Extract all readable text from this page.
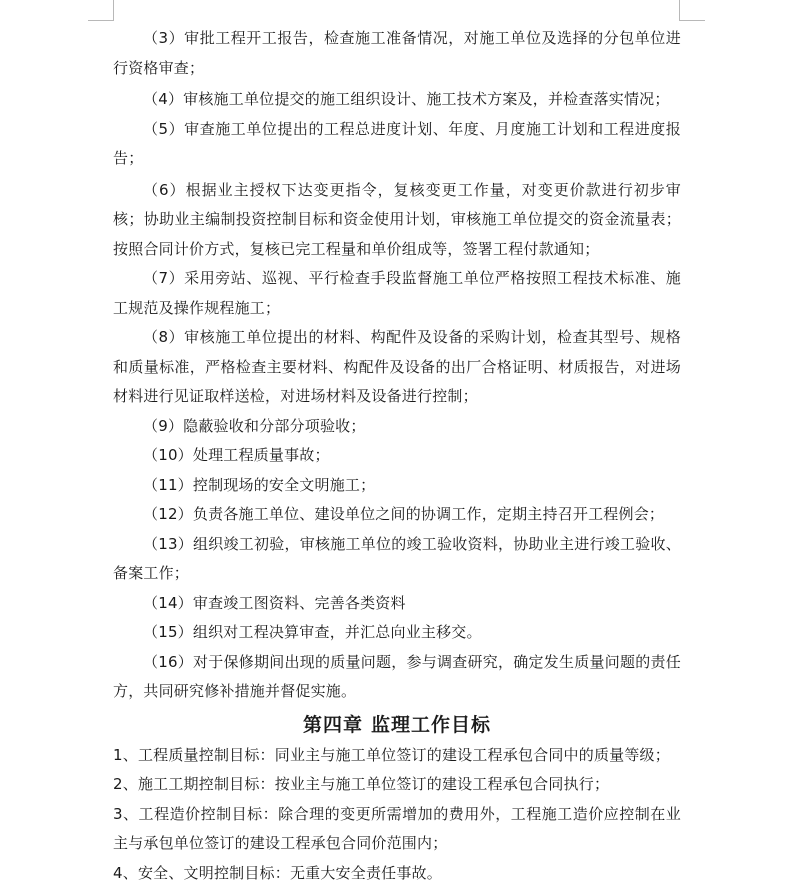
（3）审批工程开工报告，检查施工准备情况，对施工单位及选择的分包单位进行资格审查；

（4）审核施工单位提交的施工组织设计、施工技术方案及，并检查落实情况；

（5）审查施工单位提出的工程总进度计划、年度、月度施工计划和工程进度报告；

（6）根据业主授权下达变更指令，复核变更工作量，对变更价款进行初步审核；协助业主编制投资控制目标和资金使用计划，审核施工单位提交的资金流量表；按照合同计价方式，复核已完工程量和单价组成等，签署工程付款通知；

（7）采用旁站、巡视、平行检查手段监督施工单位严格按照工程技术标准、施工规范及操作规程施工；

（8）审核施工单位提出的材料、构配件及设备的采购计划，检查其型号、规格和质量标准，严格检查主要材料、构配件及设备的出厂合格证明、材质报告，对进场材料进行见证取样送检，对进场材料及设备进行控制；

（9）隐蔽验收和分部分项验收；

（10）处理工程质量事故；

（11）控制现场的安全文明施工；

（12）负责各施工单位、建设单位之间的协调工作，定期主持召开工程例会；

（13）组织竣工初验，审核施工单位的竣工验收资料，协助业主进行竣工验收、备案工作；

（14）审查竣工图资料、完善各类资料

（15）组织对工程决算审查，并汇总向业主移交。

（16）对于保修期间出现的质量问题，参与调查研究，确定发生质量问题的责任方，共同研究修补措施并督促实施。

第四章 监理工作目标

1、工程质量控制目标：同业主与施工单位签订的建设工程承包合同中的质量等级；

2、施工工期控制目标：按业主与施工单位签订的建设工程承包合同执行；

3、工程造价控制目标：除合理的变更所需增加的费用外，工程施工造价应控制在业主与承包单位签订的建设工程承包合同价范围内；

4、安全、文明控制目标：无重大安全责任事故。
